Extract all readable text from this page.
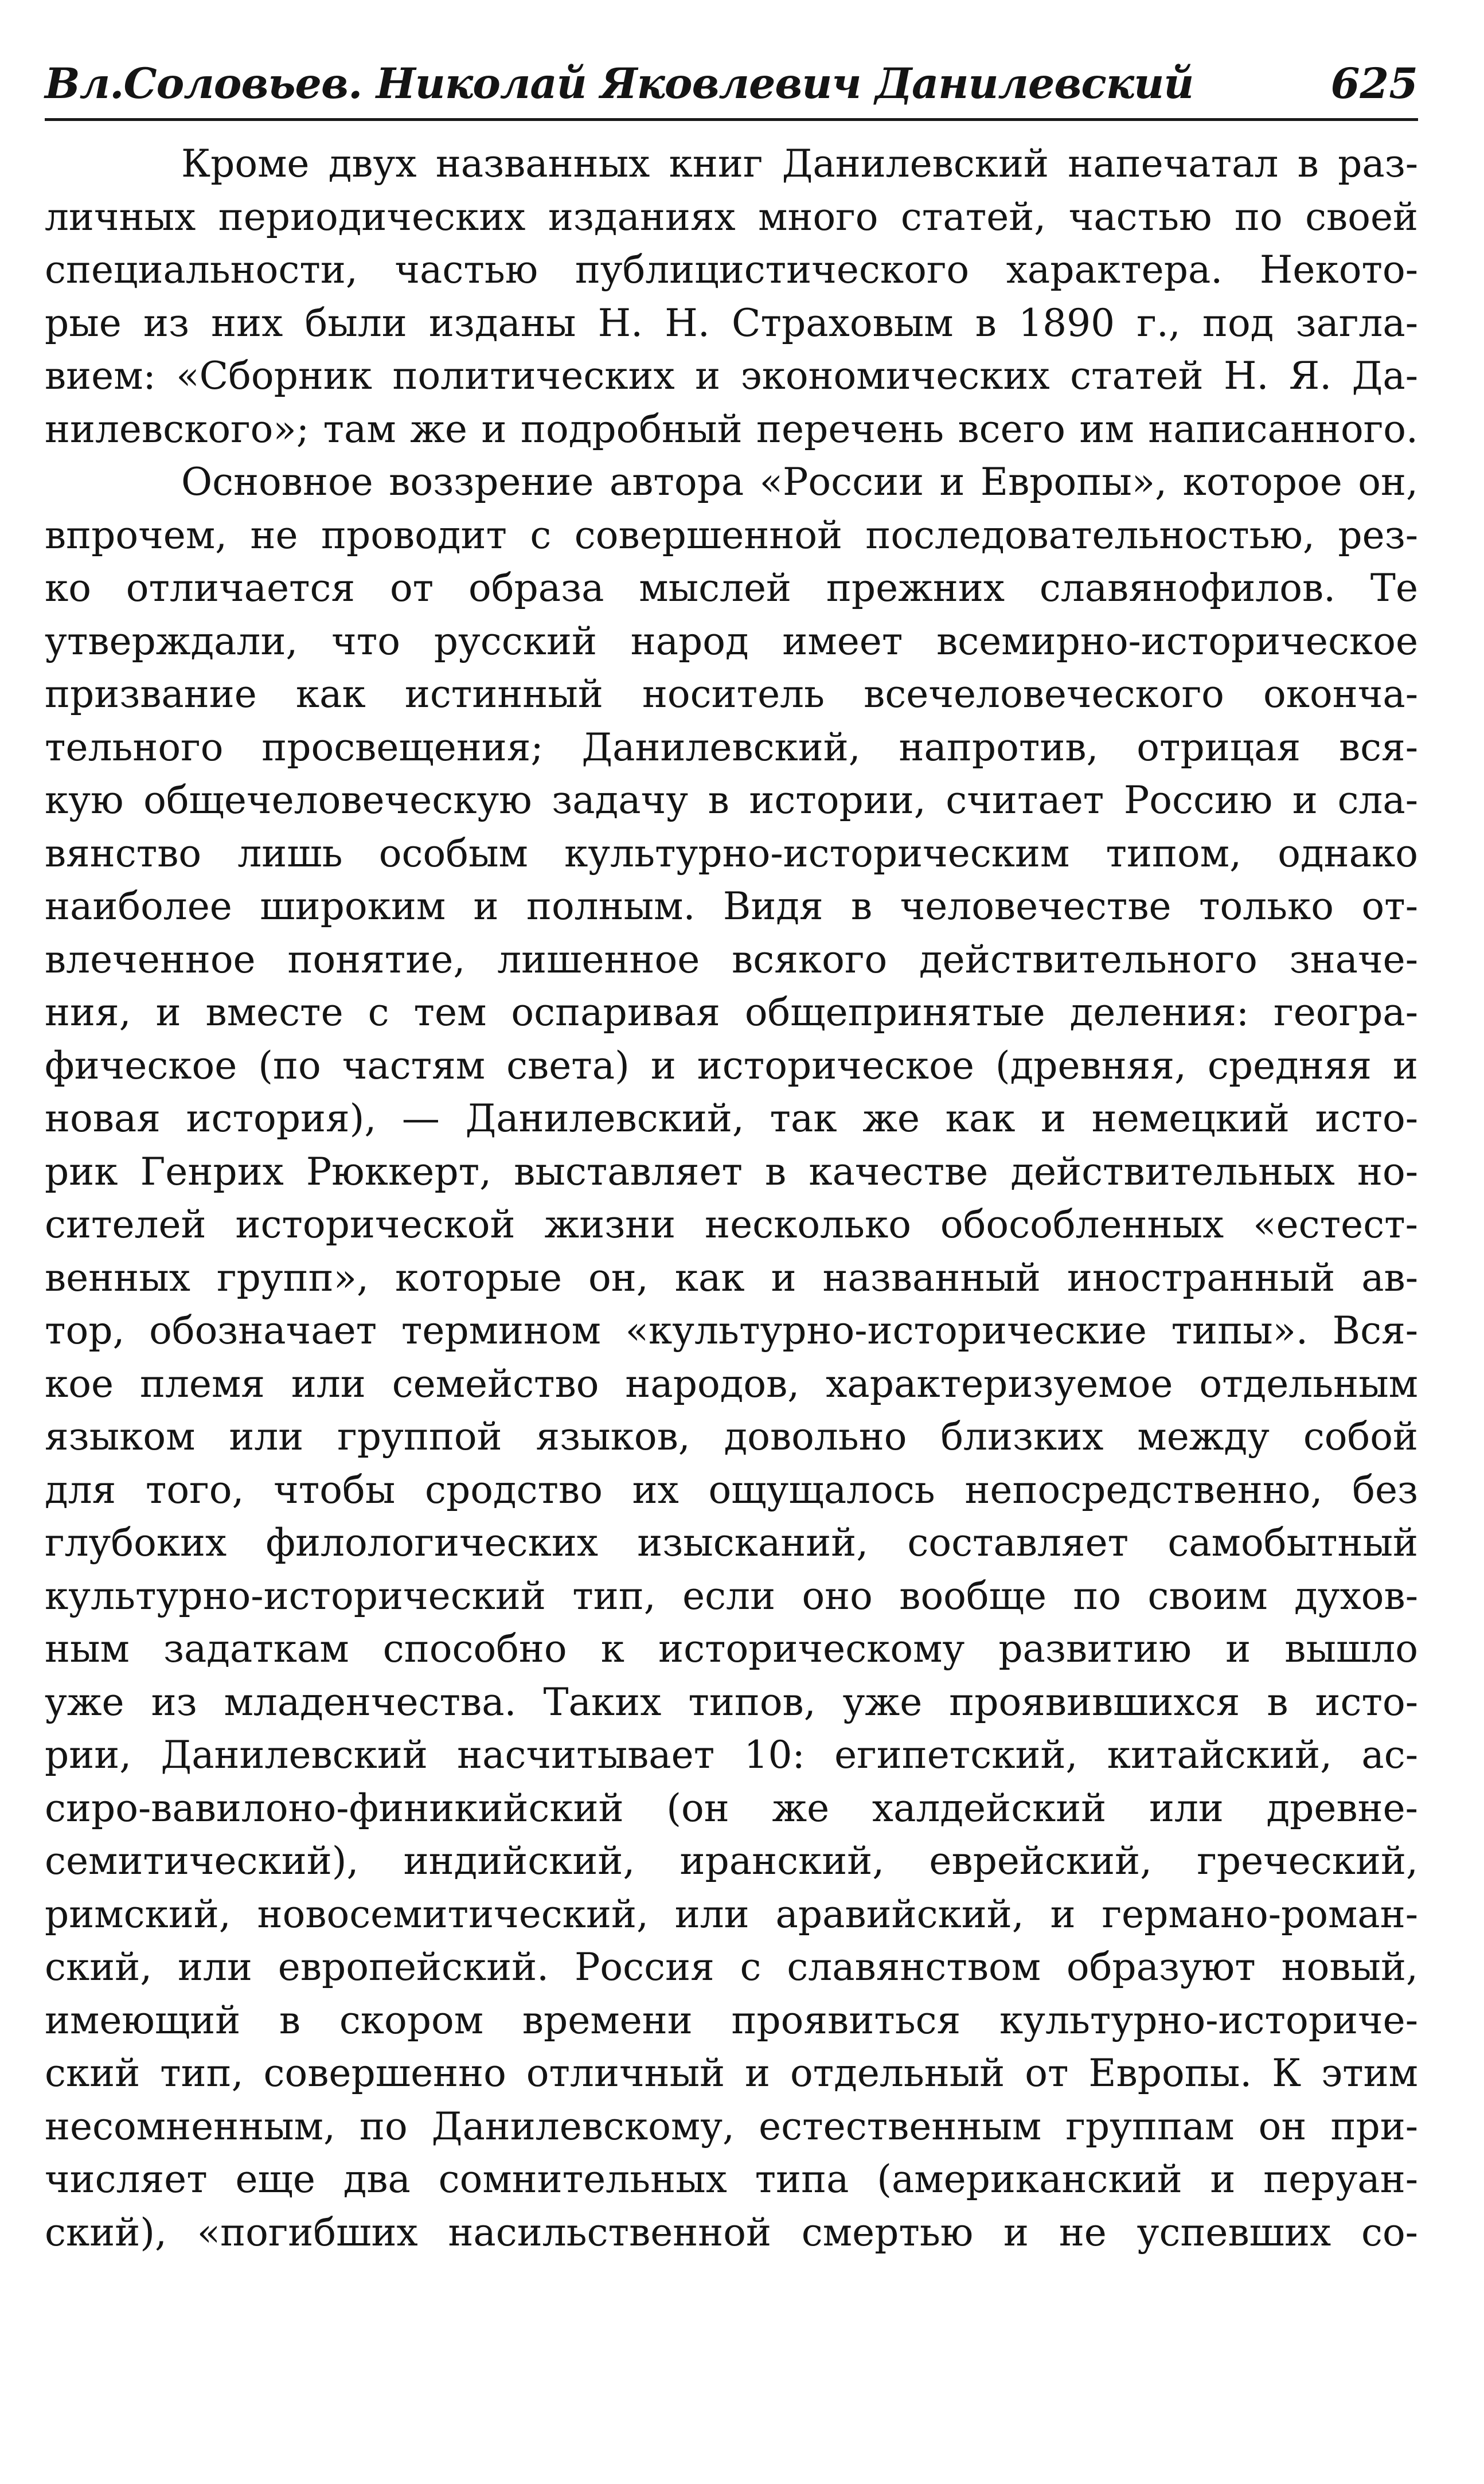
Вл.Соловьев. Николай Яковлевич Данилевский	625
Кроме двух названных книг Данилевский напечатал в раз-
личных периодических изданиях много статей, частью по своей
специальности, частью публицистического характера. Некото-
рые из них были изданы Н. Н. Страховым в 1890 г., под загла-
вием: «Сборник политических и экономических статей Н. Я. Да-
нилевского»; там же и подробный перечень всего им написанного.
Основное воззрение автора «России и Европы», которое он,
впрочем, не проводит с совершенной последовательностью, рез-
ко отличается от образа мыслей прежних славянофилов. Те
утверждали, что русский народ имеет всемирно-историческое
призвание как истинный носитель всечеловеческого оконча-
тельного просвещения; Данилевский, напротив, отрицая вся-
кую общечеловеческую задачу в истории, считает Россию и сла-
вянство лишь особым культурно-историческим типом, однако
наиболее широким и полным. Видя в человечестве только от-
влеченное понятие, лишенное всякого действительного значе-
ния, и вместе с тем оспаривая общепринятые деления: геогра-
фическое (по частям света) и историческое (древняя, средняя и
новая история), — Данилевский, так же как и немецкий исто-
рик Генрих Рюккерт, выставляет в качестве действительных но-
сителей исторической жизни несколько обособленных «естест-
венных групп», которые он, как и названный иностранный ав-
тор, обозначает термином «культурно-исторические типы». Вся-
кое племя или семейство народов, характеризуемое отдельным
языком или группой языков, довольно близких между собой
для того, чтобы сродство их ощущалось непосредственно, без
глубоких филологических изысканий, составляет самобытный
культурно-исторический тип, если оно вообще по своим духов-
ным задаткам способно к историческому развитию и вышло
уже из младенчества. Таких типов, уже проявившихся в исто-
рии, Данилевский насчитывает 10: египетский, китайский, ас-
сиро-вавилоно-финикийский (он же халдейский или древне-
семитический), индийский, иранский, еврейский, греческий,
римский, новосемитический, или аравийский, и германо-роман-
ский, или европейский. Россия с славянством образуют новый,
имеющий в скором времени проявиться культурно-историче-
ский тип, совершенно отличный и отдельный от Европы. К этим
несомненным, по Данилевскому, естественным группам он при-
числяет еще два сомнительных типа (американский и перуан-
ский), «погибших насильственной смертью и не успевших со-
